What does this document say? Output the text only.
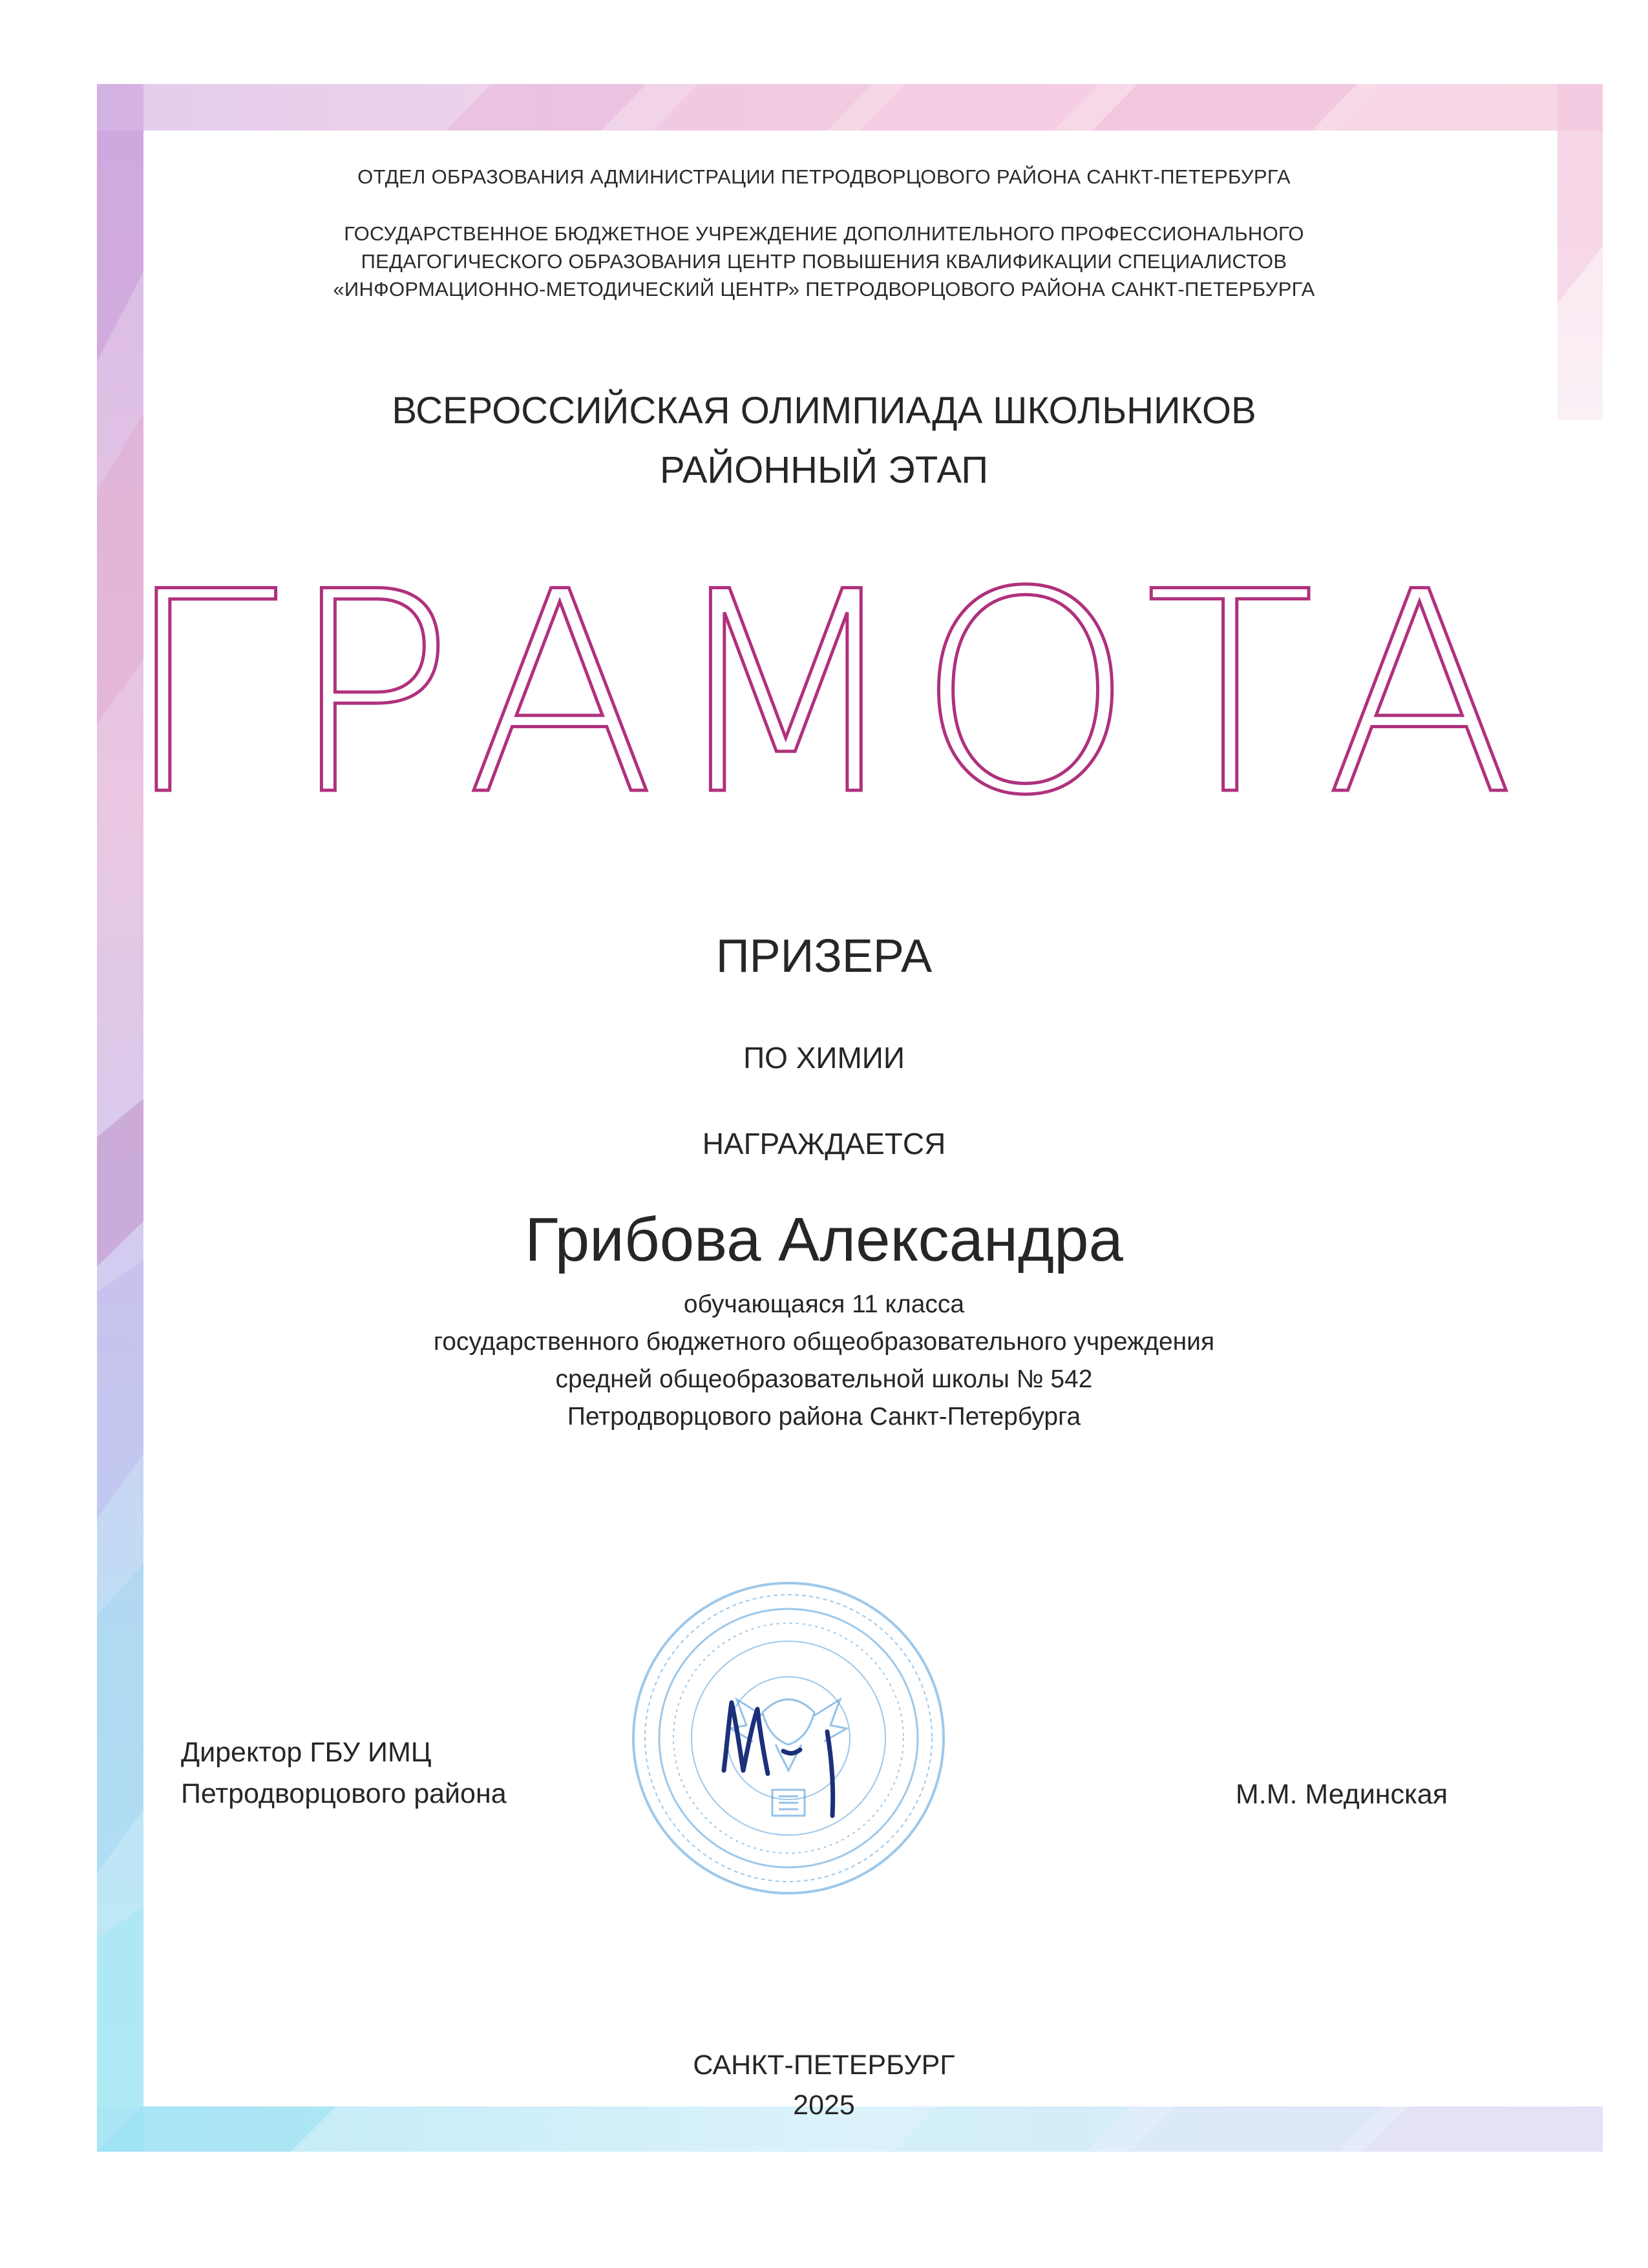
ОТДЕЛ ОБРАЗОВАНИЯ АДМИНИСТРАЦИИ ПЕТРОДВОРЦОВОГО РАЙОНА САНКТ-ПЕТЕРБУРГА

ГОСУДАРСТВЕННОЕ БЮДЖЕТНОЕ УЧРЕЖДЕНИЕ ДОПОЛНИТЕЛЬНОГО ПРОФЕССИОНАЛЬНОГО

ПЕДАГОГИЧЕСКОГО ОБРАЗОВАНИЯ ЦЕНТР ПОВЫШЕНИЯ КВАЛИФИКАЦИИ СПЕЦИАЛИСТОВ

«ИНФОРМАЦИОННО-МЕТОДИЧЕСКИЙ ЦЕНТР» ПЕТРОДВОРЦОВОГО РАЙОНА САНКТ-ПЕТЕРБУРГА

ВСЕРОССИЙСКАЯ ОЛИМПИАДА ШКОЛЬНИКОВ

РАЙОННЫЙ ЭТАП

ГРАМОТА

ПРИЗЕРА

ПО ХИМИИ

НАГРАЖДАЕТСЯ

Грибова Александра

обучающаяся 11 класса

государственного бюджетного общеобразовательного учреждения

средней общеобразовательной школы № 542

Петродворцового района Санкт-Петербурга

Директор ГБУ ИМЦ
Петродворцового района	М.М. Мединская

САНКТ-ПЕТЕРБУРГ

2025
